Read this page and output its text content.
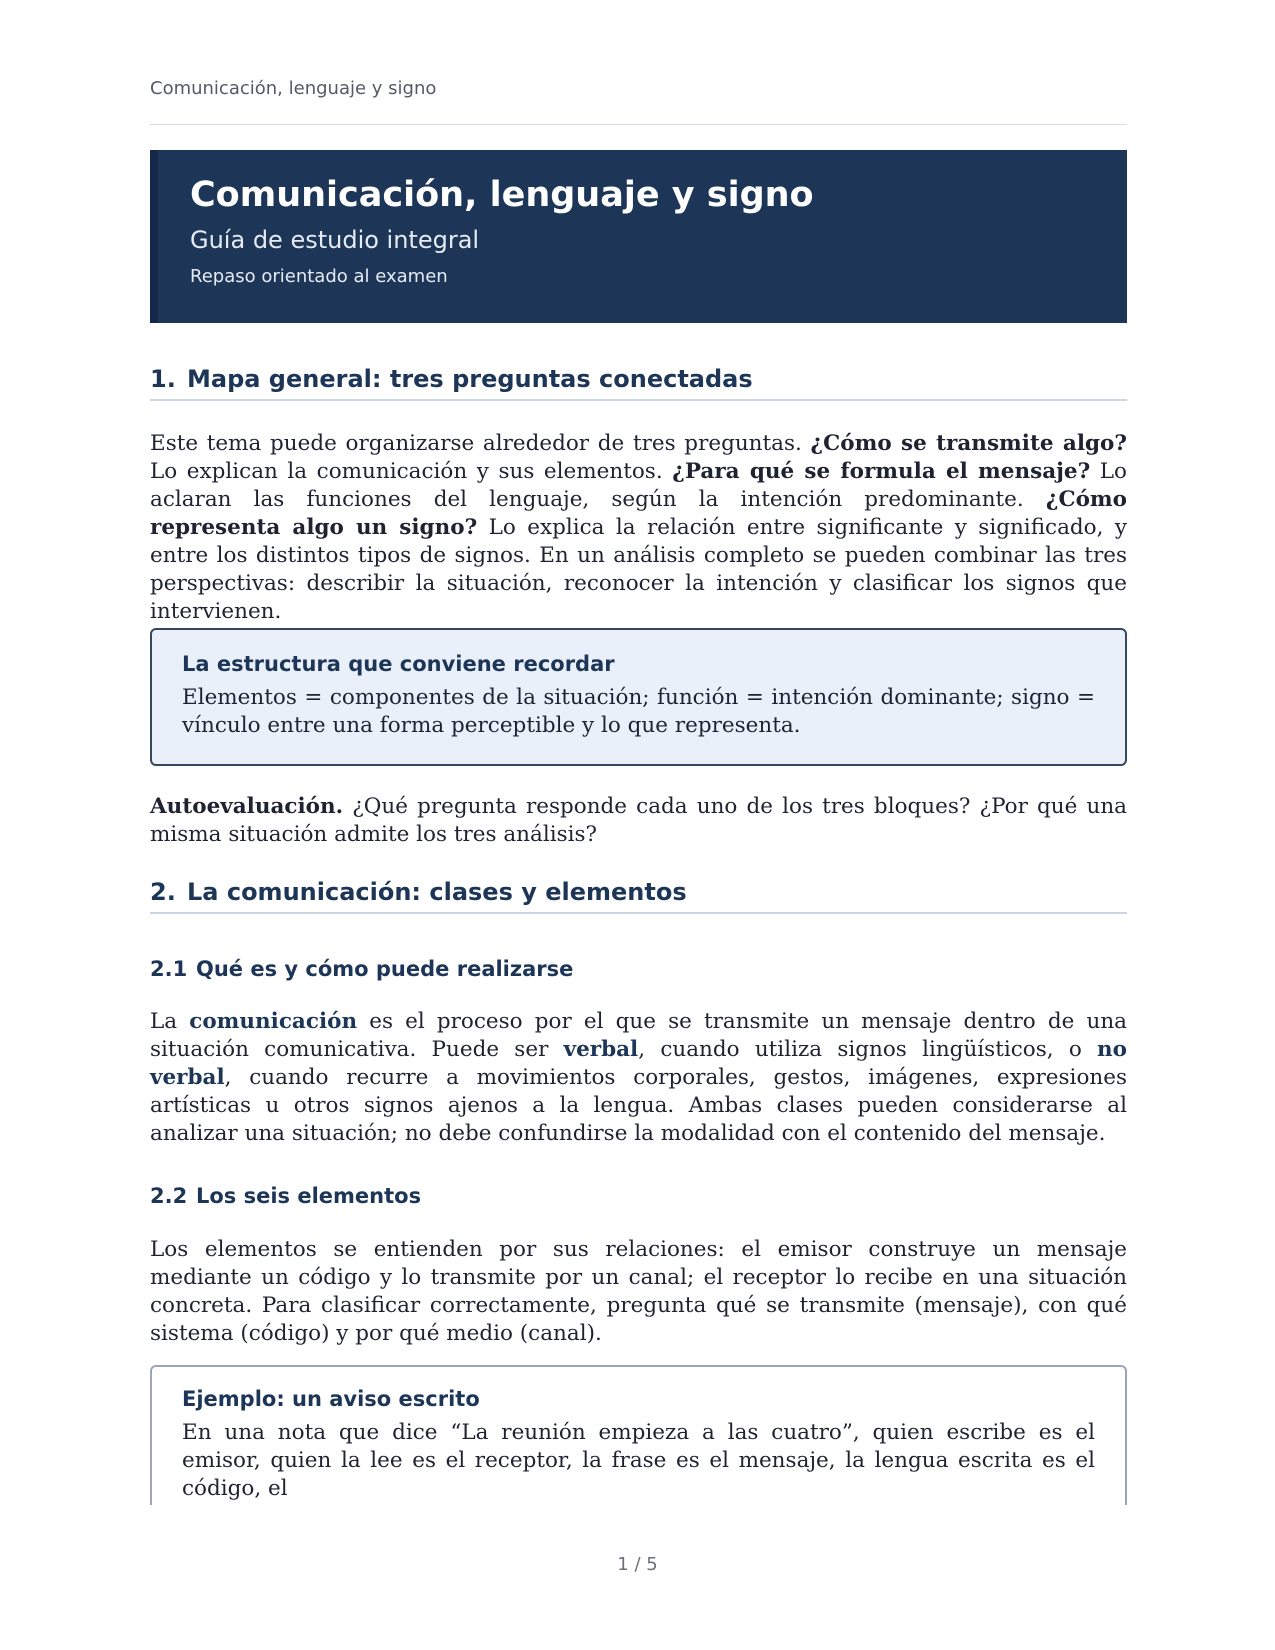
Comunicación, lenguaje y signo
Comunicación, lenguaje y signo
Guía de estudio integral
Repaso orientado al examen
1. Mapa general: tres preguntas conectadas
Este tema puede organizarse alrededor de tres preguntas. ¿Cómo se transmite algo? Lo explican la comunicación y sus elementos. ¿Para qué se formula el mensaje? Lo aclaran las funciones del lenguaje, según la intención predominante. ¿Cómo representa algo un signo? Lo explica la relación entre significante y significado, y entre los distintos tipos de signos. En un análisis completo se pueden combinar las tres perspectivas: describir la situación, reconocer la intención y clasificar los signos que intervienen.
La estructura que conviene recordar
Elementos = componentes de la situación; función = intención dominante; signo = vínculo entre una forma perceptible y lo que representa.
Autoevaluación. ¿Qué pregunta responde cada uno de los tres bloques? ¿Por qué una misma situación admite los tres análisis?
2. La comunicación: clases y elementos
2.1 Qué es y cómo puede realizarse
La comunicación es el proceso por el que se transmite un mensaje dentro de una situación comunicativa. Puede ser verbal, cuando utiliza signos lingüísticos, o no verbal, cuando recurre a movimientos corporales, gestos, imágenes, expresiones artísticas u otros signos ajenos a la lengua. Ambas clases pueden considerarse al analizar una situación; no debe confundirse la modalidad con el contenido del mensaje.
2.2 Los seis elementos
Los elementos se entienden por sus relaciones: el emisor construye un mensaje mediante un código y lo transmite por un canal; el receptor lo recibe en una situación concreta. Para clasificar correctamente, pregunta qué se transmite (mensaje), con qué sistema (código) y por qué medio (canal).
Ejemplo: un aviso escrito
En una nota que dice “La reunión empieza a las cuatro”, quien escribe es el emisor, quien la lee es el receptor, la frase es el mensaje, la lengua escrita es el código, el
1 / 5
